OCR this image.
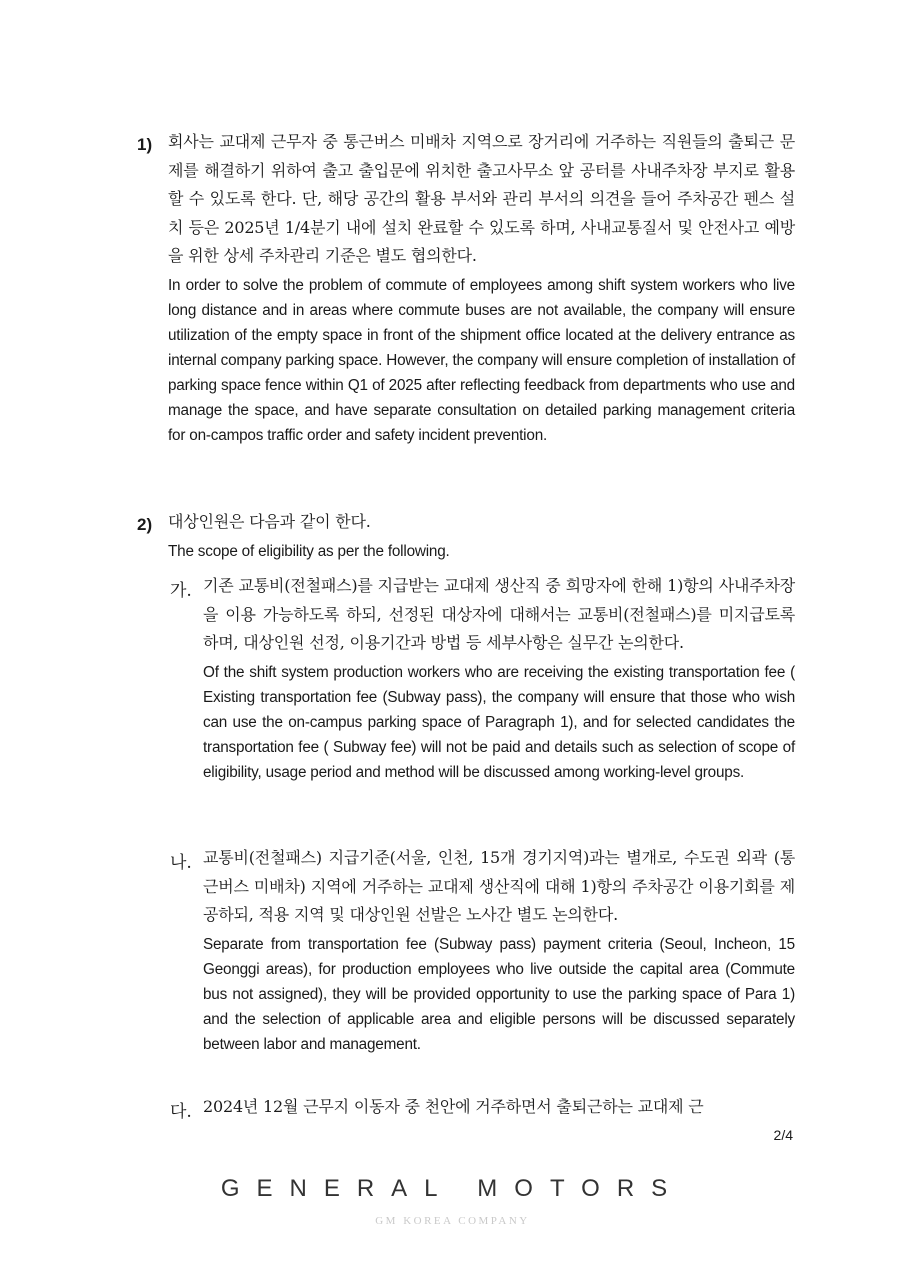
1) 회사는 교대제 근무자 중 통근버스 미배차 지역으로 장거리에 거주하는 직원들의 출퇴근 문제를 해결하기 위하여 출고 출입문에 위치한 출고사무소 앞 공터를 사내주차장 부지로 활용할 수 있도록 한다. 단, 해당 공간의 활용 부서와 관리 부서의 의견을 들어 주차공간 펜스 설치 등은 2025년 1/4분기 내에 설치 완료할 수 있도록 하며, 사내교통질서 및 안전사고 예방을 위한 상세 주차관리 기준은 별도 협의한다.
In order to solve the problem of commute of employees among shift system workers who live long distance and in areas where commute buses are not available, the company will ensure utilization of the empty space in front of the shipment office located at the delivery entrance as internal company parking space. However, the company will ensure completion of installation of parking space fence within Q1 of 2025 after reflecting feedback from departments who use and manage the space, and have separate consultation on detailed parking management criteria for on-campos traffic order and safety incident prevention.
2) 대상인원은 다음과 같이 한다.
The scope of eligibility as per the following.
가. 기존 교통비(전철패스)를 지급받는 교대제 생산직 중 희망자에 한해 1)항의 사내주차장을 이용 가능하도록 하되, 선정된 대상자에 대해서는 교통비(전철패스)를 미지급토록 하며, 대상인원 선정, 이용기간과 방법 등 세부사항은 실무간 논의한다.
Of the shift system production workers who are receiving the existing transportation fee ( Existing transportation fee (Subway pass), the company will ensure that those who wish can use the on-campus parking space of Paragraph 1), and for selected candidates the transportation fee ( Subway fee) will not be paid and details such as selection of scope of eligibility, usage period and method will be discussed among working-level groups.
나. 교통비(전철패스) 지급기준(서울, 인천, 15개 경기지역)과는 별개로, 수도권 외곽 (통근버스 미배차) 지역에 거주하는 교대제 생산직에 대해 1)항의 주차공간 이용기회를 제공하되, 적용 지역 및 대상인원 선발은 노사간 별도 논의한다.
Separate from transportation fee (Subway pass) payment criteria (Seoul, Incheon, 15 Geonggi areas), for production employees who live outside the capital area (Commute bus not assigned), they will be provided opportunity to use the parking space of Para 1) and the selection of applicable area and eligible persons will be discussed separately between labor and management.
다. 2024년 12월 근무지 이동자 중 천안에 거주하면서 출퇴근하는 교대제 근
2/4
GENERAL MOTORS
GM KOREA COMPANY
